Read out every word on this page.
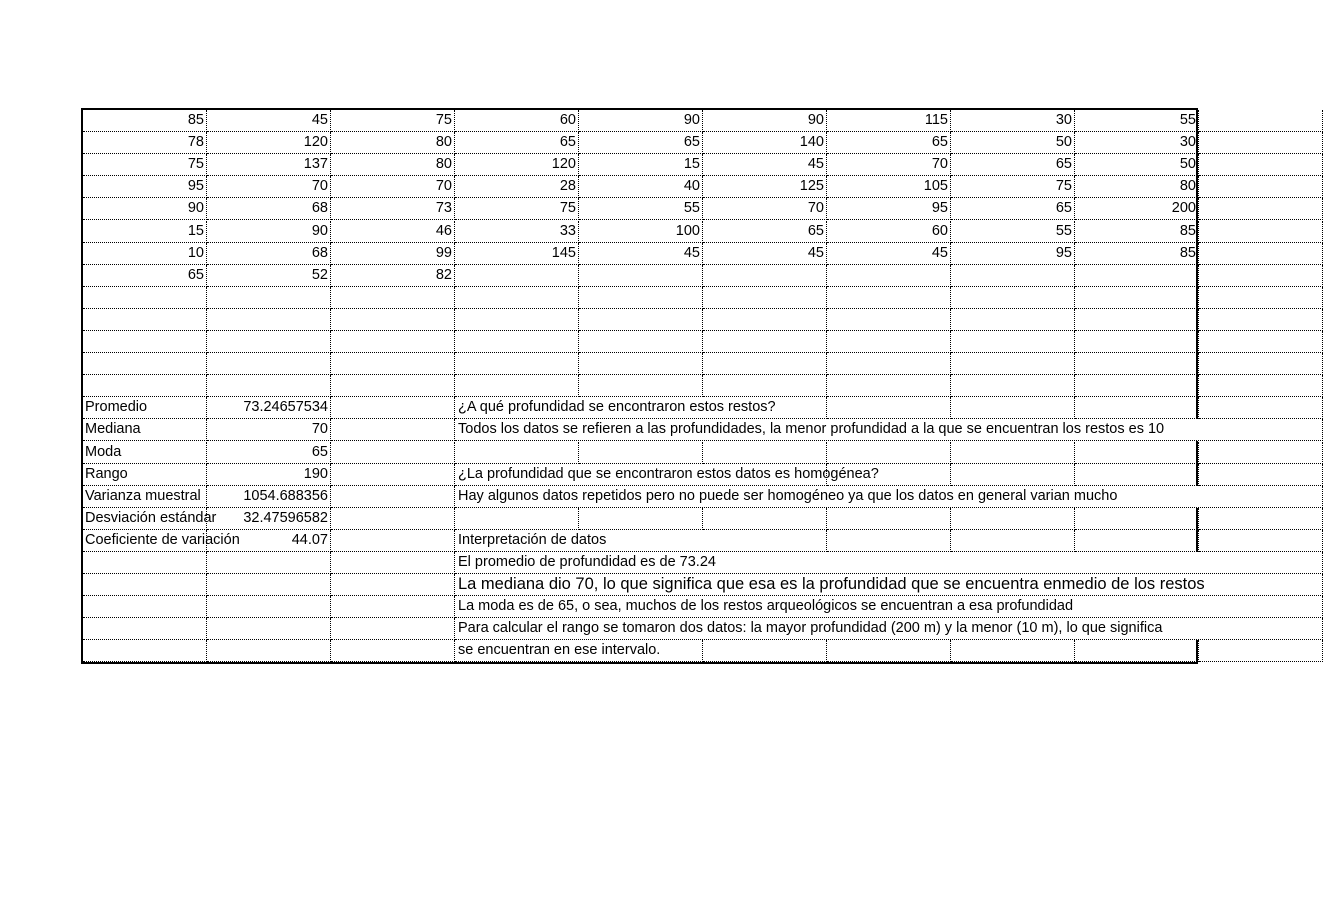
85	45	75	60	90	90	115	30	55
78	120	80	65	65	140	65	50	30
75	137	80	120	15	45	70	65	50
95	70	70	28	40	125	105	75	80
90	68	73	75	55	70	95	65	200
15	90	46	33	100	65	60	55	85
10	68	99	145	45	45	45	95	85
65	52	82
Promedio	73.24657534	¿A qué profundidad se encontraron estos restos?
Mediana	70	Todos los datos se refieren a las profundidades, la menor profundidad a la que se encuentran los restos es 10
Moda	65
Rango	190	¿La profundidad que se encontraron estos datos es homogénea?
Varianza muestral	1054.688356	Hay algunos datos repetidos pero no puede ser homogéneo ya que los datos en general varian mucho
Desviación estándar	32.47596582
Coeficiente de variación	44.07	Interpretación de datos
El promedio de profundidad es de 73.24
La mediana dio 70, lo que significa que esa es la profundidad que se encuentra enmedio de los restos
La moda es de 65, o sea, muchos de los restos arqueológicos se encuentran a esa profundidad
Para calcular el rango se tomaron dos datos: la mayor profundidad (200 m) y la menor (10 m), lo que significa
se encuentran en ese intervalo.
